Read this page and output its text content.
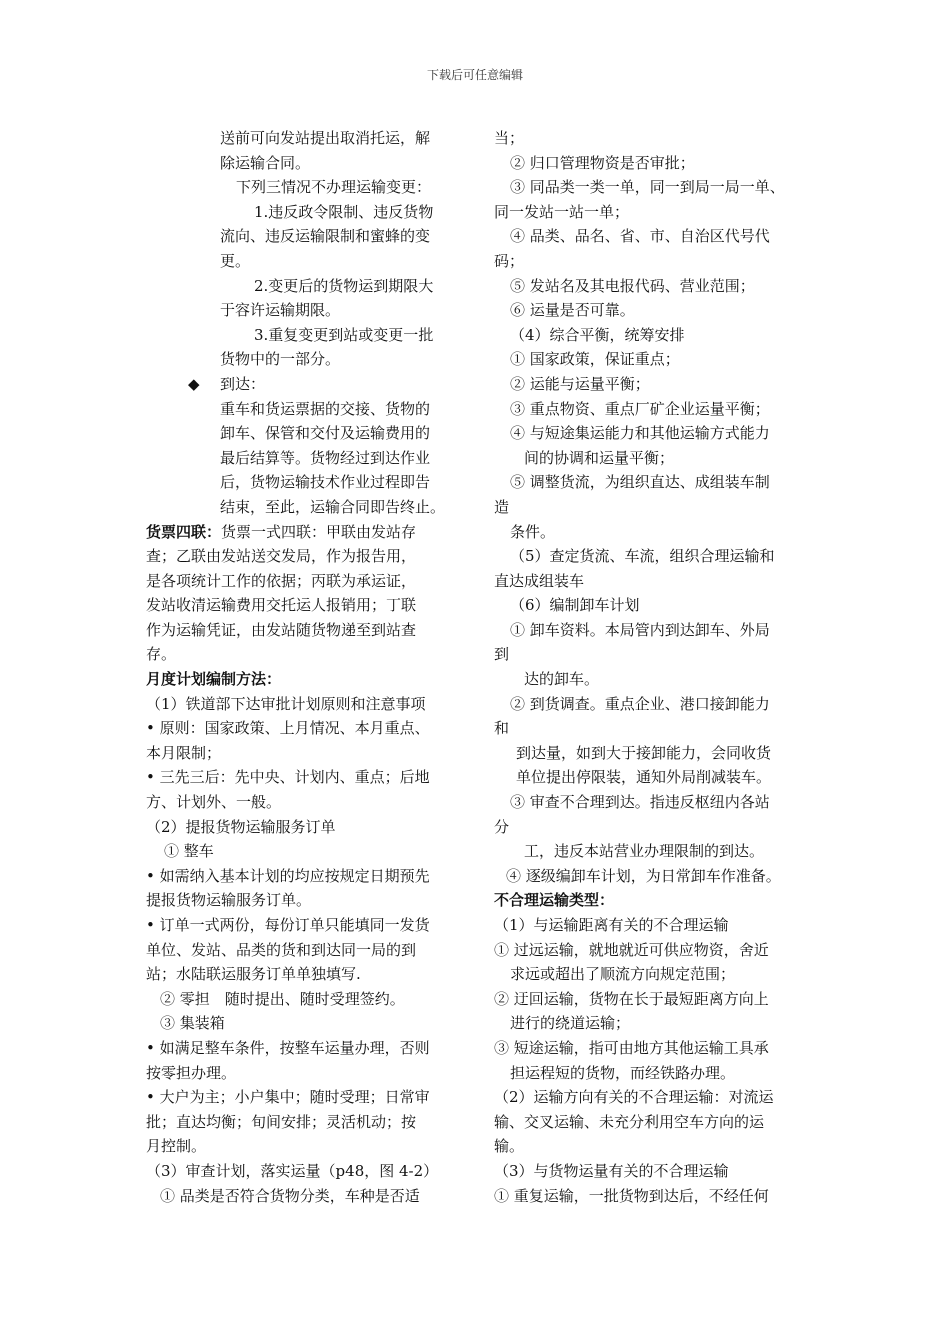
下载后可任意编辑
送前可向发站提出取消托运，解
除运输合同。
下列三情况不办理运输变更：
1.违反政令限制、违反货物
流向、违反运输限制和蜜蜂的变
更。
2.变更后的货物运到期限大
于容许运输期限。
3.重复变更到站或变更一批
货物中的一部分。
◆ 到达：
重车和货运票据的交接、货物的
卸车、保管和交付及运输费用的
最后结算等。货物经过到达作业
后，货物运输技术作业过程即告
结束，至此，运输合同即告终止。
货票四联：货票一式四联：甲联由发站存
查；乙联由发站送交发局，作为报告用，
是各项统计工作的依据；丙联为承运证，
发站收清运输费用交托运人报销用；丁联
作为运输凭证，由发站随货物递至到站查
存。
月度计划编制方法：
（1）铁道部下达审批计划原则和注意事项
• 原则：国家政策、上月情况、本月重点、
本月限制；
• 三先三后：先中央、计划内、重点；后地
方、计划外、一般。
（2）提报货物运输服务订单
① 整车
• 如需纳入基本计划的均应按规定日期预先
提报货物运输服务订单。
• 订单一式两份，每份订单只能填同一发货
单位、发站、品类的货和到达同一局的到
站；水陆联运服务订单单独填写.
② 零担　随时提出、随时受理签约。
③ 集装箱
• 如满足整车条件，按整车运量办理，否则
按零担办理。
• 大户为主；小户集中；随时受理；日常审
批；直达均衡；旬间安排；灵活机动；按
月控制。
（3）审查计划，落实运量（p48，图 4-2）
① 品类是否符合货物分类，车种是否适
当；
② 归口管理物资是否审批；
③ 同品类一类一单，同一到局一局一单、
同一发站一站一单；
④ 品类、品名、省、市、自治区代号代
码；
⑤ 发站名及其电报代码、营业范围；
⑥ 运量是否可靠。
（4）综合平衡，统筹安排
① 国家政策，保证重点；
② 运能与运量平衡；
③ 重点物资、重点厂矿企业运量平衡；
④ 与短途集运能力和其他运输方式能力
间的协调和运量平衡；
⑤ 调整货流，为组织直达、成组装车制
造
条件。
（5）查定货流、车流，组织合理运输和
直达成组装车
（6）编制卸车计划
① 卸车资料。本局管内到达卸车、外局
到
达的卸车。
② 到货调查。重点企业、港口接卸能力
和
到达量，如到大于接卸能力，会同收货
单位提出停限装，通知外局削减装车。
③ 审查不合理到达。指违反枢纽内各站
分
工，违反本站营业办理限制的到达。
④ 逐级编卸车计划，为日常卸车作准备。
不合理运输类型：
（1）与运输距离有关的不合理运输
① 过远运输，就地就近可供应物资，舍近
求远或超出了顺流方向规定范围；
② 迂回运输，货物在长于最短距离方向上
进行的绕道运输；
③ 短途运输，指可由地方其他运输工具承
担运程短的货物，而经铁路办理。
（2）运输方向有关的不合理运输：对流运
输、交叉运输、未充分利用空车方向的运
输。
（3）与货物运量有关的不合理运输
① 重复运输，一批货物到达后，不经任何
